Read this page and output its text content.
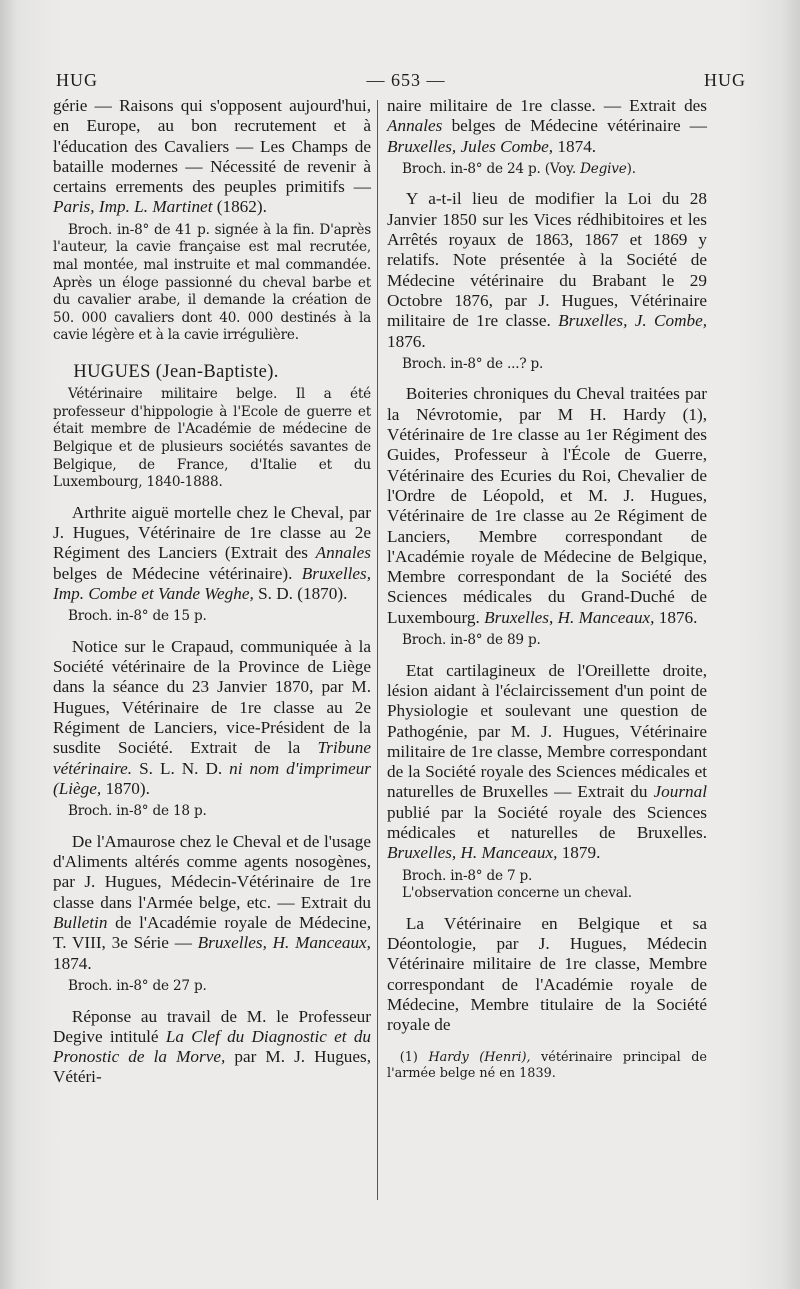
HUG	— 653 —	HUG

gérie — Raisons qui s'opposent aujourd'hui, en Europe, au bon recrutement et à l'éducation des Cavaliers — Les Champs de bataille modernes — Nécessité de revenir à certains errements des peuples primitifs — Paris, Imp. L. Martinet (1862).

Broch. in-8° de 41 p. signée à la fin. D'après l'auteur, la cavie française est mal recrutée, mal montée, mal instruite et mal commandée. Après un éloge passionné du cheval barbe et du cavalier arabe, il demande la création de 50. 000 cavaliers dont 40. 000 destinés à la cavie légère et à la cavie irrégulière.

HUGUES (Jean-Baptiste).

Vétérinaire militaire belge. Il a été professeur d'hippologie à l'Ecole de guerre et était membre de l'Académie de médecine de Belgique et de plusieurs sociétés savantes de Belgique, de France, d'Italie et du Luxembourg, 1840-1888.

Arthrite aiguë mortelle chez le Cheval, par J. Hugues, Vétérinaire de 1re classe au 2e Régiment des Lanciers (Extrait des Annales belges de Médecine vétérinaire). Bruxelles, Imp. Combe et Vande Weghe, S. D. (1870).

Broch. in-8° de 15 p.

Notice sur le Crapaud, communiquée à la Société vétérinaire de la Province de Liège dans la séance du 23 Janvier 1870, par M. Hugues, Vétérinaire de 1re classe au 2e Régiment de Lanciers, vice-Président de la susdite Société. Extrait de la Tribune vétérinaire. S. L. N. D. ni nom d'imprimeur (Liège, 1870).

Broch. in-8° de 18 p.

De l'Amaurose chez le Cheval et de l'usage d'Aliments altérés comme agents nosogènes, par J. Hugues, Médecin-Vétérinaire de 1re classe dans l'Armée belge, etc. — Extrait du Bulletin de l'Académie royale de Médecine, T. VIII, 3e Série — Bruxelles, H. Manceaux, 1874.

Broch. in-8° de 27 p.

Réponse au travail de M. le Professeur Degive intitulé La Clef du Diagnostic et du Pronostic de la Morve, par M. J. Hugues, Vétéri-

naire militaire de 1re classe. — Extrait des Annales belges de Médecine vétérinaire — Bruxelles, Jules Combe, 1874.

Broch. in-8° de 24 p. (Voy. Degive).

Y a-t-il lieu de modifier la Loi du 28 Janvier 1850 sur les Vices rédhibitoires et les Arrêtés royaux de 1863, 1867 et 1869 y relatifs. Note présentée à la Société de Médecine vétérinaire du Brabant le 29 Octobre 1876, par J. Hugues, Vétérinaire militaire de 1re classe. Bruxelles, J. Combe, 1876.

Broch. in-8° de ...? p.

Boiteries chroniques du Cheval traitées par la Névrotomie, par M H. Hardy (1), Vétérinaire de 1re classe au 1er Régiment des Guides, Professeur à l'École de Guerre, Vétérinaire des Ecuries du Roi, Chevalier de l'Ordre de Léopold, et M. J. Hugues, Vétérinaire de 1re classe au 2e Régiment de Lanciers, Membre correspondant de l'Académie royale de Médecine de Belgique, Membre correspondant de la Société des Sciences médicales du Grand-Duché de Luxembourg. Bruxelles, H. Manceaux, 1876.

Broch. in-8° de 89 p.

Etat cartilagineux de l'Oreillette droite, lésion aidant à l'éclaircissement d'un point de Physiologie et soulevant une question de Pathogénie, par M. J. Hugues, Vétérinaire militaire de 1re classe, Membre correspondant de la Société royale des Sciences médicales et naturelles de Bruxelles — Extrait du Journal publié par la Société royale des Sciences médicales et naturelles de Bruxelles. Bruxelles, H. Manceaux, 1879.

Broch. in-8° de 7 p.

L'observation concerne un cheval.

La Vétérinaire en Belgique et sa Déontologie, par J. Hugues, Médecin Vétérinaire militaire de 1re classe, Membre correspondant de l'Académie royale de Médecine, Membre titulaire de la Société royale de

(1) Hardy (Henri), vétérinaire principal de l'armée belge né en 1839.
